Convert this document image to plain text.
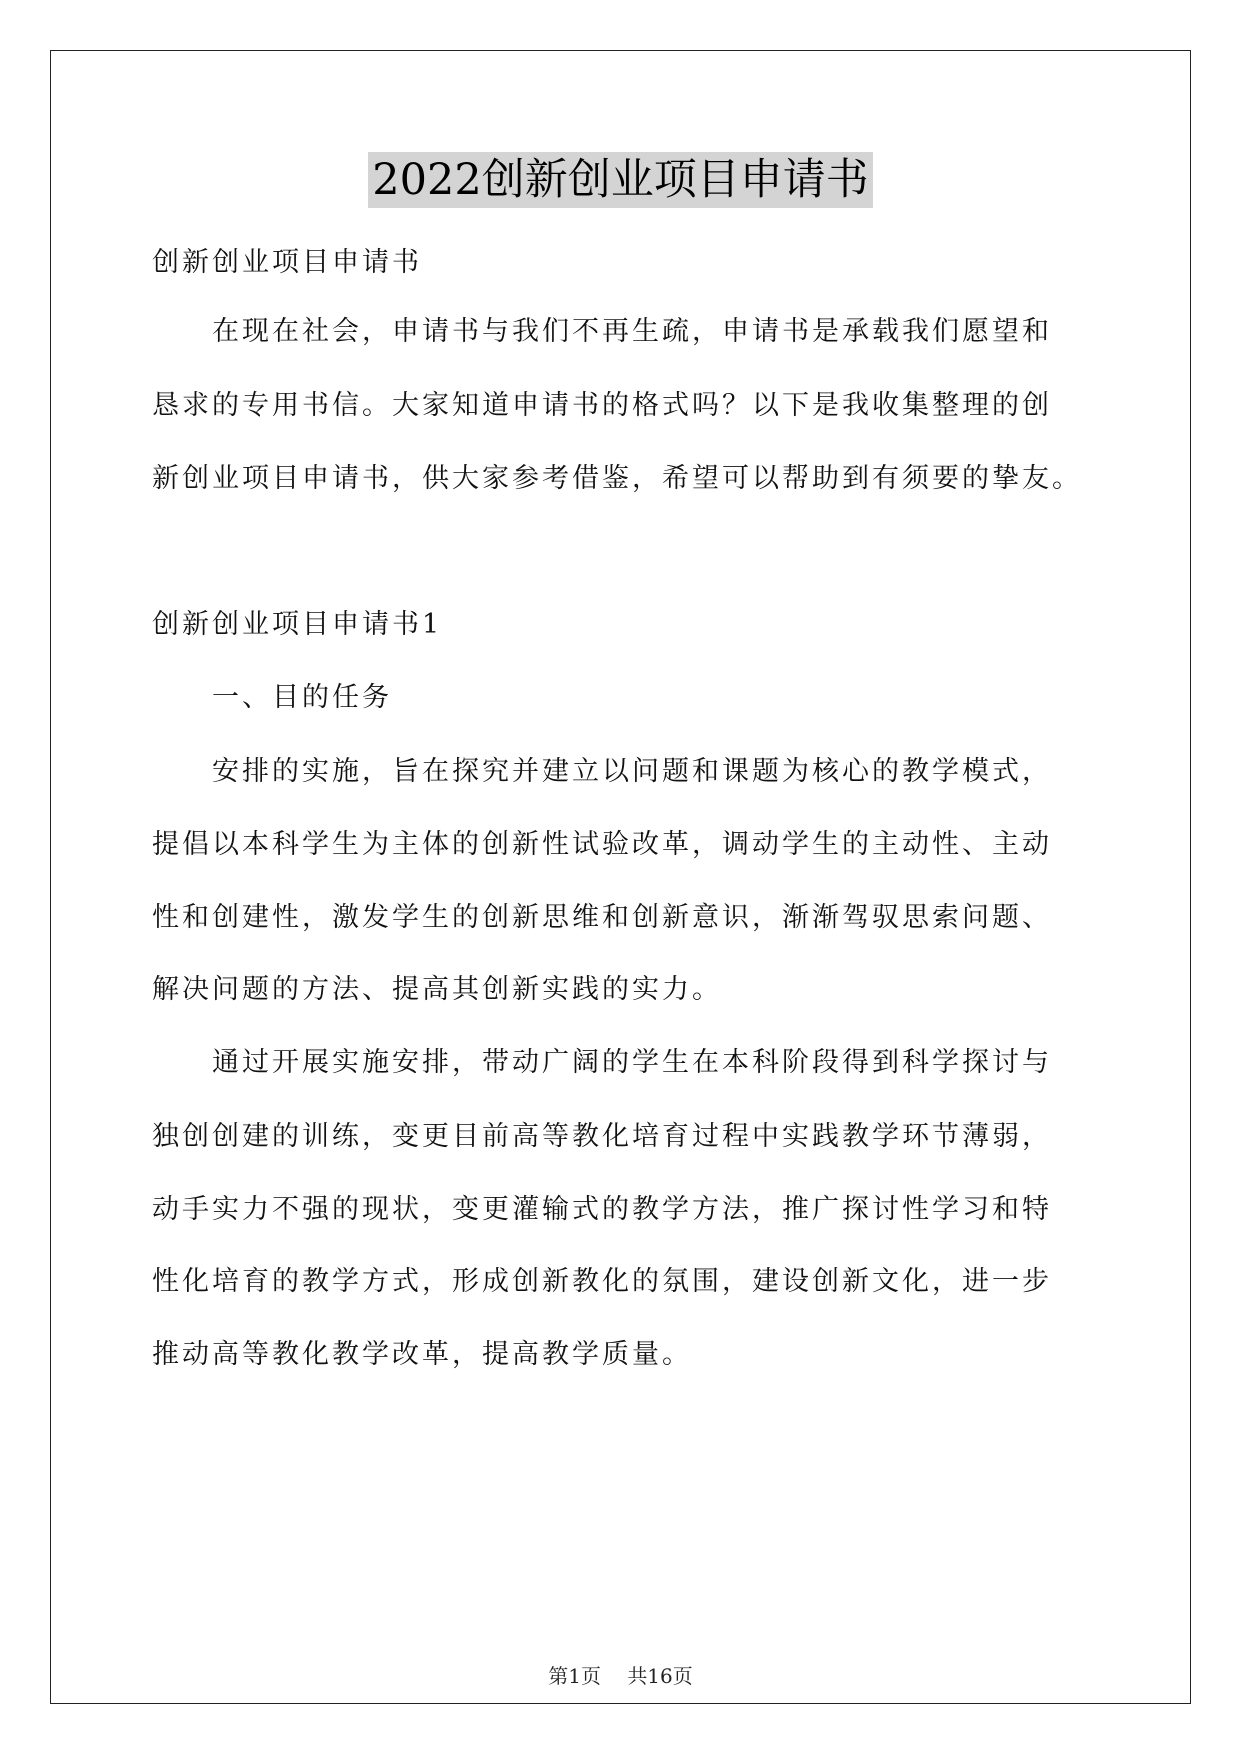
2022创新创业项目申请书
创新创业项目申请书
在现在社会，申请书与我们不再生疏，申请书是承载我们愿望和
恳求的专用书信。大家知道申请书的格式吗？以下是我收集整理的创
新创业项目申请书，供大家参考借鉴，希望可以帮助到有须要的挚友。
创新创业项目申请书1
一、目的任务
安排的实施，旨在探究并建立以问题和课题为核心的教学模式，
提倡以本科学生为主体的创新性试验改革，调动学生的主动性、主动
性和创建性，激发学生的创新思维和创新意识，渐渐驾驭思索问题、
解决问题的方法、提高其创新实践的实力。
通过开展实施安排，带动广阔的学生在本科阶段得到科学探讨与
独创创建的训练，变更目前高等教化培育过程中实践教学环节薄弱，
动手实力不强的现状，变更灌输式的教学方法，推广探讨性学习和特
性化培育的教学方式，形成创新教化的氛围，建设创新文化，进一步
推动高等教化教学改革，提高教学质量。
第1页 共16页
